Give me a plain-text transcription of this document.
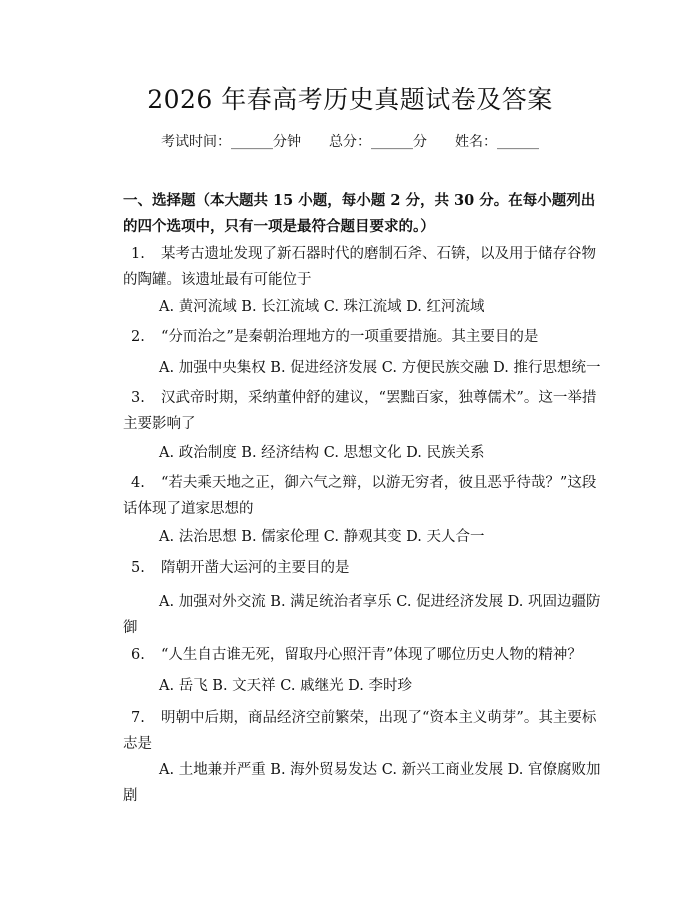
2026 年春高考历史真题试卷及答案
考试时间：______分钟 总分：______分 姓名：______
一、选择题（本大题共 15 小题，每小题 2 分，共 30 分。在每小题列出的四个选项中，只有一项是最符合题目要求的。）
1. 某考古遗址发现了新石器时代的磨制石斧、石锛，以及用于储存谷物的陶罐。该遗址最有可能位于
A. 黄河流域 B. 长江流域 C. 珠江流域 D. 红河流域
2. “分而治之”是秦朝治理地方的一项重要措施。其主要目的是
A. 加强中央集权 B. 促进经济发展 C. 方便民族交融 D. 推行思想统一
3. 汉武帝时期，采纳董仲舒的建议，“罢黜百家，独尊儒术”。这一举措主要影响了
A. 政治制度 B. 经济结构 C. 思想文化 D. 民族关系
4. “若夫乘天地之正，御六气之辩，以游无穷者，彼且恶乎待哉？”这段话体现了道家思想的
A. 法治思想 B. 儒家伦理 C. 静观其变 D. 天人合一
5. 隋朝开凿大运河的主要目的是
A. 加强对外交流 B. 满足统治者享乐 C. 促进经济发展 D. 巩固边疆防御
6. “人生自古谁无死，留取丹心照汗青”体现了哪位历史人物的精神？
A. 岳飞 B. 文天祥 C. 戚继光 D. 李时珍
7. 明朝中后期，商品经济空前繁荣，出现了“资本主义萌芽”。其主要标志是
A. 土地兼并严重 B. 海外贸易发达 C. 新兴工商业发展 D. 官僚腐败加剧
